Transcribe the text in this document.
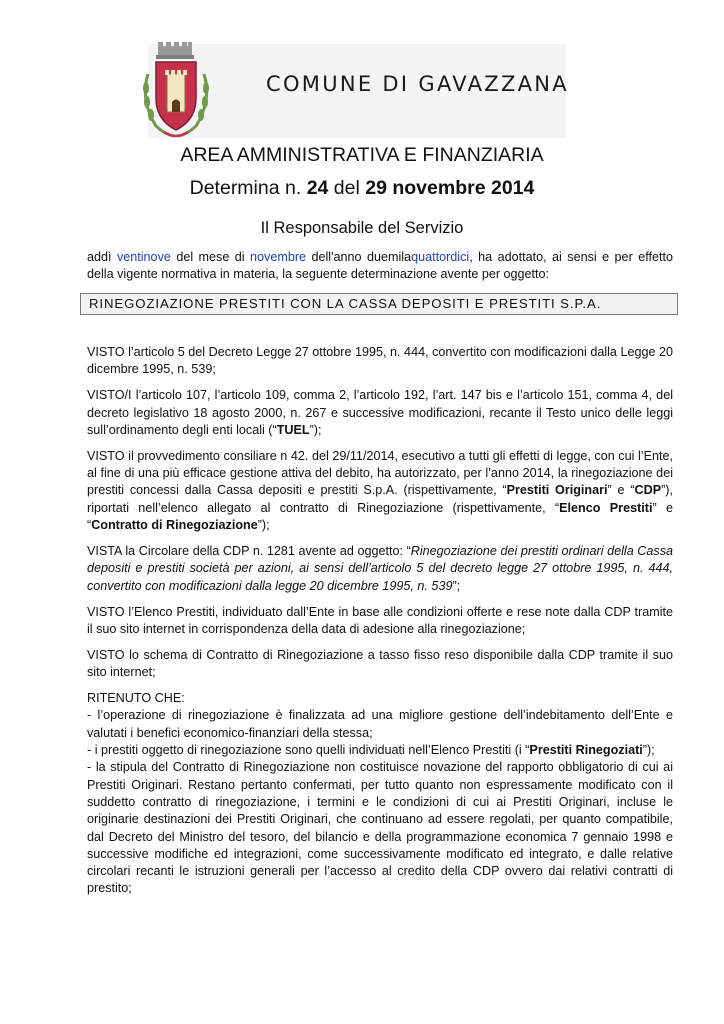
COMUNE DI GAVAZZANA
AREA AMMINISTRATIVA E FINANZIARIA
Determina n. 24 del 29 novembre 2014
Il Responsabile del Servizio
addì ventinove del mese di novembre dell'anno duemilaquattordici, ha adottato, ai sensi e per effetto della vigente normativa in materia, la seguente determinazione avente per oggetto:
RINEGOZIAZIONE PRESTITI CON LA CASSA DEPOSITI E PRESTITI S.P.A.

VISTO l’articolo 5 del Decreto Legge 27 ottobre 1995, n. 444, convertito con modificazioni dalla Legge 20 dicembre 1995, n. 539;

VISTO/I l’articolo 107, l’articolo 109, comma 2, l’articolo 192, l’art. 147 bis e l’articolo 151, comma 4, del decreto legislativo 18 agosto 2000, n. 267 e successive modificazioni, recante il Testo unico delle leggi sull’ordinamento degli enti locali (“TUEL”);

VISTO il provvedimento consiliare n 42. del 29/11/2014, esecutivo a tutti gli effetti di legge, con cui l’Ente, al fine di una più efficace gestione attiva del debito, ha autorizzato, per l’anno 2014, la rinegoziazione dei prestiti concessi dalla Cassa depositi e prestiti S.p.A. (rispettivamente, “Prestiti Originari” e “CDP”), riportati nell’elenco allegato al contratto di Rinegoziazione (rispettivamente, “Elenco Prestiti” e “Contratto di Rinegoziazione”);

VISTA la Circolare della CDP n. 1281 avente ad oggetto: “Rinegoziazione dei prestiti ordinari della Cassa depositi e prestiti società per azioni, ai sensi dell’articolo 5 del decreto legge 27 ottobre 1995, n. 444, convertito con modificazioni dalla legge 20 dicembre 1995, n. 539”;

VISTO l’Elenco Prestiti, individuato dall’Ente in base alle condizioni offerte e rese note dalla CDP tramite il suo sito internet in corrispondenza della data di adesione alla rinegoziazione;

VISTO lo schema di Contratto di Rinegoziazione a tasso fisso reso disponibile dalla CDP tramite il suo sito internet;

RITENUTO CHE:

- l’operazione di rinegoziazione è finalizzata ad una migliore gestione dell’indebitamento dell’Ente e valutati i benefici economico-finanziari della stessa;

- i prestiti oggetto di rinegoziazione sono quelli individuati nell’Elenco Prestiti (i “Prestiti Rinegoziati”);

- la stipula del Contratto di Rinegoziazione non costituisce novazione del rapporto obbligatorio di cui ai Prestiti Originari. Restano pertanto confermati, per tutto quanto non espressamente modificato con il suddetto contratto di rinegoziazione, i termini e le condizioni di cui ai Prestiti Originari, incluse le originarie destinazioni dei Prestiti Originari, che continuano ad essere regolati, per quanto compatibile, dal Decreto del Ministro del tesoro, del bilancio e della programmazione economica 7 gennaio 1998 e successive modifiche ed integrazioni, come successivamente modificato ed integrato, e dalle relative circolari recanti le istruzioni generali per l’accesso al credito della CDP ovvero dai relativi contratti di prestito;
